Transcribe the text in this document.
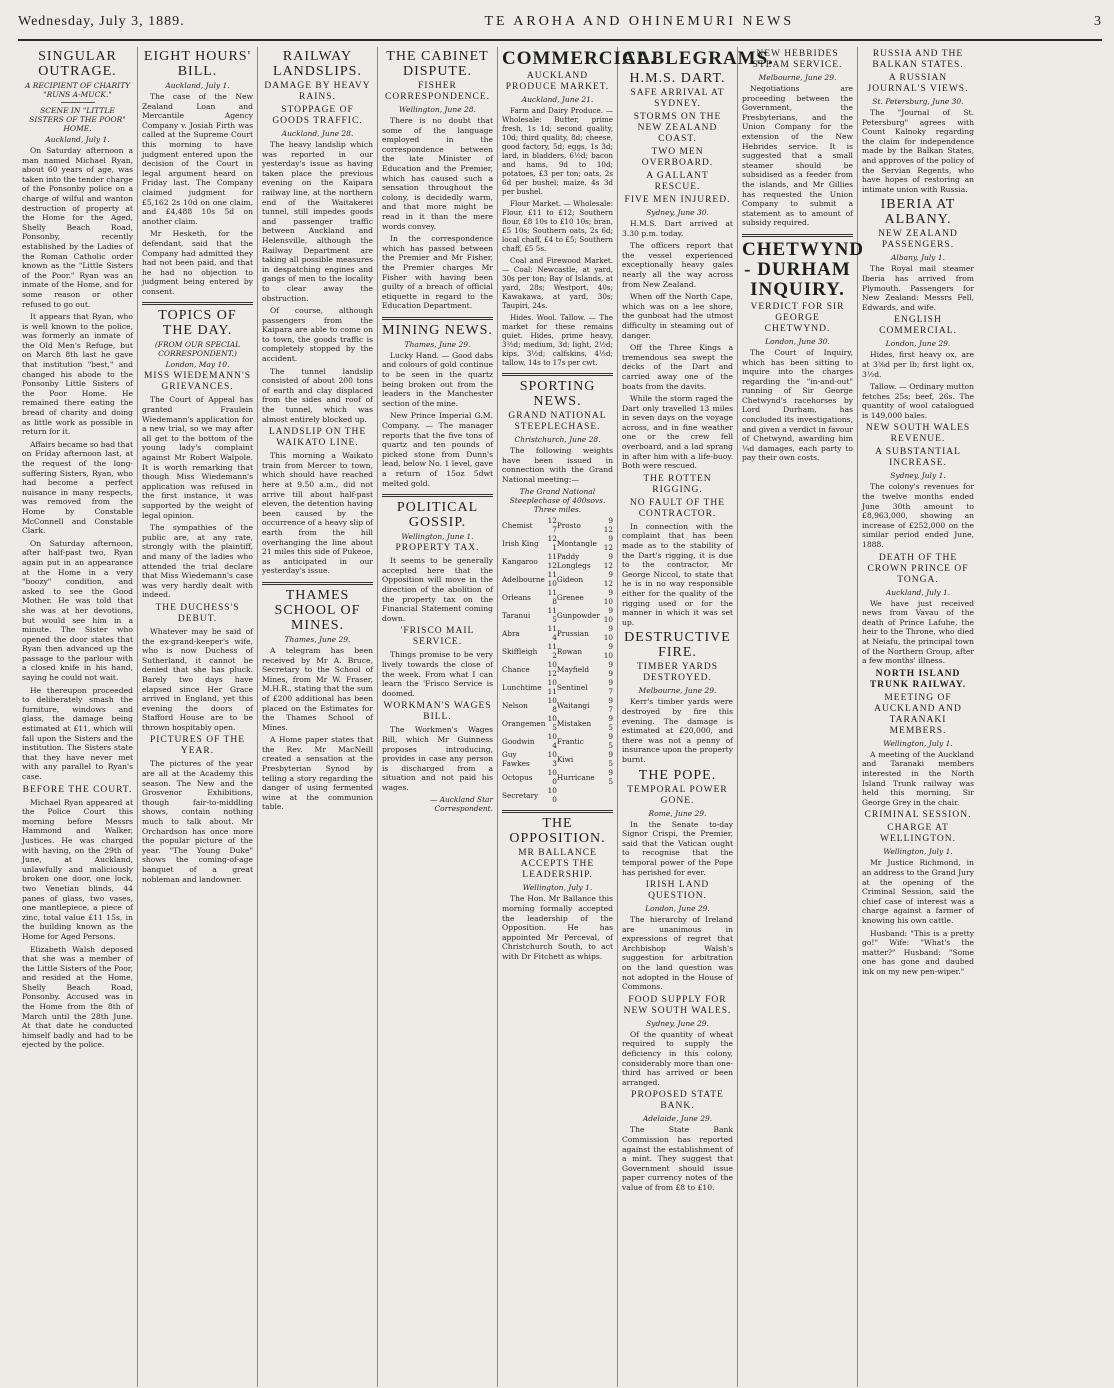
Wednesday, July 3, 1889.	TE AROHA AND OHINEMURI NEWS	3
SINGULAR OUTRAGE.
A RECIPIENT OF CHARITY "RUNS A-MUCK."
SCENE IN "LITTLE SISTERS OF THE POOR" HOME.
Auckland, July 1.

On Saturday afternoon a man named Michael Ryan, about 60 years of age, was taken into the tender charge of the Ponsonby police on a charge of wilful and wanton destruction of property at the Home for the Aged, Shelly Beach Road, Ponsonby, recently established by the Ladies of the Roman Catholic order known as the "Little Sisters of the Poor." Ryan was an inmate of the Home, and for some reason or other refused to go out.

It appears that Ryan, who is well known to the police, was formerly an inmate of the Old Men's Refuge, but on March 8th last he gave that institution "best," and changed his abode to the Ponsonby Little Sisters of the Poor Home. He remained there eating the bread of charity and doing as little work as possible in return for it.

Affairs became so bad that on Friday afternoon last, at the request of the long-suffering Sisters, Ryan, who had become a perfect nuisance in many respects, was removed from the Home by Constable McConnell and Constable Clark.

On Saturday afternoon, after half-past two, Ryan again put in an appearance at the Home in a very "boozy" condition, and asked to see the Good Mother. He was told that she was at her devotions, but would see him in a minute. The Sister who opened the door states that Ryan then advanced up the passage to the parlour with a closed knife in his hand, saying he could not wait.

He thereupon proceeded to deliberately smash the furniture, windows and glass, the damage being estimated at £11, which will fall upon the Sisters and the institution. The Sisters state that they have never met with any parallel to Ryan's case.

BEFORE THE COURT.

Michael Ryan appeared at the Police Court this morning before Messrs Hammond and Walker, Justices. He was charged with having, on the 29th of June, at Auckland, unlawfully and maliciously broken one door, one lock, two Venetian blinds, 44 panes of glass, two vases, one mantlepiece, a piece of zinc, total value £11 15s, in the building known as the Home for Aged Persons.

Elizabeth Walsh deposed that she was a member of the Little Sisters of the Poor, and resided at the Home, Shelly Beach Road, Ponsonby. Accused was in the Home from the 8th of March until the 28th June. At that date he conducted himself badly and had to be ejected by the police.

EIGHT HOURS' BILL.
Auckland, July 1.

The case of the New Zealand Loan and Mercantile Agency Company v. Josiah Firth was called at the Supreme Court this morning to have judgment entered upon the decision of the Court in legal argument heard on Friday last. The Company claimed judgment for £5,162 2s 10d on one claim, and £4,488 10s 5d on another claim.

Mr Hesketh, for the defendant, said that the Company had admitted they had not been paid, and that he had no objection to judgment being entered by consent.

TOPICS OF THE DAY.
(FROM OUR SPECIAL CORRESPONDENT.)
London, May 10.
MISS WIEDEMANN'S GRIEVANCES.

The Court of Appeal has granted Fraulein Wiedemann's application for a new trial, so we may after all get to the bottom of the young lady's complaint against Mr Robert Walpole. It is worth remarking that though Miss Wiedemann's application was refused in the first instance, it was supported by the weight of legal opinion.

The sympathies of the public are, at any rate, strongly with the plaintiff, and many of the ladies who attended the trial declare that Miss Wiedemann's case was very hardly dealt with indeed.

THE DUCHESS'S DEBUT.

Whatever may be said of the ex-grand-keeper's wife, who is now Duchess of Sutherland, it cannot be denied that she has pluck. Barely two days have elapsed since Her Grace arrived in England, yet this evening the doors of Stafford House are to be thrown hospitably open.

PICTURES OF THE YEAR.

The pictures of the year are all at the Academy this season. The New and the Grosvenor Exhibitions, though fair-to-middling shows, contain nothing much to talk about. Mr Orchardson has once more the popular picture of the year. "The Young Duke" shows the coming-of-age banquet of a great nobleman and landowner.

RAILWAY LANDSLIPS.
DAMAGE BY HEAVY RAINS.
STOPPAGE OF GOODS TRAFFIC.
Auckland, June 28.

The heavy landslip which was reported in our yesterday's issue as having taken place the previous evening on the Kaipara railway line, at the northern end of the Waitakerei tunnel, still impedes goods and passenger traffic between Auckland and Helensville, although the Railway Department are taking all possible measures in despatching engines and gangs of men to the locality to clear away the obstruction.

Of course, although passengers from the Kaipara are able to come on to town, the goods traffic is completely stopped by the accident.

The tunnel landslip consisted of about 200 tons of earth and clay displaced from the sides and roof of the tunnel, which was almost entirely blocked up.

LANDSLIP ON THE WAIKATO LINE.

This morning a Waikato train from Mercer to town, which should have reached here at 9.50 a.m., did not arrive till about half-past eleven, the detention having been caused by the occurrence of a heavy slip of earth from the hill overhanging the line about 21 miles this side of Pukeoe, as anticipated in our yesterday's issue.

THAMES SCHOOL OF MINES.
Thames, June 29.

A telegram has been received by Mr A. Bruce, Secretary to the School of Mines, from Mr W. Fraser, M.H.R., stating that the sum of £200 additional has been placed on the Estimates for the Thames School of Mines.

A Home paper states that the Rev. Mr MacNeill created a sensation at the Presbyterian Synod by telling a story regarding the danger of using fermented wine at the communion table.

THE CABINET DISPUTE.
FISHER CORRESPONDENCE.
Wellington, June 28.

There is no doubt that some of the language employed in the correspondence between the late Minister of Education and the Premier, which has caused such a sensation throughout the colony, is decidedly warm, and that more might be read in it than the mere words convey.

In the correspondence which has passed between the Premier and Mr Fisher, the Premier charges Mr Fisher with having been guilty of a breach of official etiquette in regard to the Education Department.

MINING NEWS.
Thames, June 29.

Lucky Hand. — Good dabs and colours of gold continue to be seen in the quartz being broken out from the leaders in the Manchester section of the mine.

New Prince Imperial G.M. Company. — The manager reports that the five tons of quartz and ten pounds of picked stone from Dunn's lead, below No. 1 level, gave a return of 15oz 5dwt melted gold.

POLITICAL GOSSIP.
Wellington, June 1.
PROPERTY TAX.

It seems to be generally accepted here that the Opposition will move in the direction of the abolition of the property tax on the Financial Statement coming down.

'FRISCO MAIL SERVICE.

Things promise to be very lively towards the close of the week. From what I can learn the 'Frisco Service is doomed.

WORKMAN'S WAGES BILL.

The Workmen's Wages Bill, which Mr Guinness proposes introducing, provides in case any person is discharged from a situation and not paid his wages.

— Auckland Star Correspondent.
COMMERCIAL.
AUCKLAND PRODUCE MARKET.
Auckland, June 21.

Farm and Dairy Produce. — Wholesale: Butter, prime fresh, 1s 1d; second quality, 10d; third quality, 8d; cheese, good factory, 5d; eggs, 1s 3d; lard, in bladders, 6½d; bacon and hams, 9d to 10d; potatoes, £3 per ton; oats, 2s 6d per bushel; maize, 4s 3d per bushel.

Flour Market. — Wholesale: Flour, £11 to £12; Southern flour, £8 10s to £10 10s; bran, £5 10s; Southern oats, 2s 6d; local chaff, £4 to £5; Southern chaff, £5 5s.

Coal and Firewood Market. — Coal: Newcastle, at yard, 30s per ton; Bay of Islands, at yard, 28s; Westport, 40s; Kawakawa, at yard, 30s; Taupiri, 24s.

Hides. Wool. Tallow. — The market for these remains quiet. Hides, prime heavy, 3½d; medium, 3d; light, 2½d; kips, 3½d; calfskins, 4½d; tallow, 14s to 17s per cwt.

SPORTING NEWS.
GRAND NATIONAL STEEPLECHASE.
Christchurch, June 28.

The following weights have been issued in connection with the Grand National meeting:—

The Grand National Steeplechase of 400sovs. Three miles.
Chemist	12 7	Prosto	9 12
Irish King	12 1	Montangle	9 12
Kangaroo	11 12	Paddy Longlegs	9 12
Adelbourne	11 10	Gideon	9 12
Orleans	11 8	Grenee	9 10
Taranui	11 5	Gunpowder	9 10
Abra	11 4	Prussian	9 10
Skiffleigh	11 2	Rowan	9 10
Chance	10 12	Mayfield	9 9
Lunchtime	10 11	Sentinel	9 7
Nelson	10 8	Waitangi	9 7
Orangemen	10 5	Mistaken	9 5
Goodwin	10 4	Frantic	9 5
Guy Fawkes	10 3	Kiwi	9 5
Octopus	10 0	Hurricane	9 5
Secretary	10 0		
THE OPPOSITION.
MR BALLANCE ACCEPTS THE LEADERSHIP.
Wellington, July 1.

The Hon. Mr Ballance this morning formally accepted the leadership of the Opposition. He has appointed Mr Perceval, of Christchurch South, to act with Dr Fitchett as whips.

CABLEGRAMS.
H.M.S. DART.
SAFE ARRIVAL AT SYDNEY.
STORMS ON THE NEW ZEALAND COAST.
TWO MEN OVERBOARD.
A GALLANT RESCUE.
FIVE MEN INJURED.
Sydney, June 30.

H.M.S. Dart arrived at 3.30 p.m. today.

The officers report that the vessel experienced exceptionally heavy gales nearly all the way across from New Zealand.

When off the North Cape, which was on a lee shore, the gunboat had the utmost difficulty in steaming out of danger.

Off the Three Kings a tremendous sea swept the decks of the Dart and carried away one of the boats from the davits.

While the storm raged the Dart only travelled 13 miles in seven days on the voyage across, and in fine weather one or the crew fell overboard, and a lad sprang in after him with a life-buoy. Both were rescued.

THE ROTTEN RIGGING.
NO FAULT OF THE CONTRACTOR.

In connection with the complaint that has been made as to the stability of the Dart's rigging, it is due to the contractor, Mr George Niccol, to state that he is in no way responsible either for the quality of the rigging used or for the manner in which it was set up.

DESTRUCTIVE FIRE.
TIMBER YARDS DESTROYED.
Melbourne, June 29.

Kerr's timber yards were destroyed by fire this evening. The damage is estimated at £20,000, and there was not a penny of insurance upon the property burnt.

THE POPE.
TEMPORAL POWER GONE.
Rome, June 29.

In the Senate to-day Signor Crispi, the Premier, said that the Vatican ought to recognise that the temporal power of the Pope has perished for ever.

IRISH LAND QUESTION.
London, June 29.

The hierarchy of Ireland are unanimous in expressions of regret that Archbishop Walsh's suggestion for arbitration on the land question was not adopted in the House of Commons.

FOOD SUPPLY FOR NEW SOUTH WALES.
Sydney, June 29.

Of the quantity of wheat required to supply the deficiency in this colony, considerably more than one-third has arrived or been arranged.

PROPOSED STATE BANK.
Adelaide, June 29.

The State Bank Commission has reported against the establishment of a mint. They suggest that Government should issue paper currency notes of the value of from £8 to £10.

NEW HEBRIDES STEAM SERVICE.
Melbourne, June 29.

Negotiations are proceeding between the Government, the Presbyterians, and the Union Company for the extension of the New Hebrides service. It is suggested that a small steamer should be subsidised as a feeder from the islands, and Mr Gillies has requested the Union Company to submit a statement as to amount of subsidy required.

CHETWYND - DURHAM INQUIRY.
VERDICT FOR SIR GEORGE CHETWYND.
London, June 30.

The Court of Inquiry, which has been sitting to inquire into the charges regarding the "in-and-out" running of Sir George Chetwynd's racehorses by Lord Durham, has concluded its investigations, and given a verdict in favour of Chetwynd, awarding him ¼d damages, each party to pay their own costs.

RUSSIA AND THE BALKAN STATES.
A RUSSIAN JOURNAL'S VIEWS.
St. Petersburg, June 30.

The "Journal of St. Petersburg" agrees with Count Kalnoky regarding the claim for independence made by the Balkan States, and approves of the policy of the Servian Regents, who have hopes of restoring an intimate union with Russia.

IBERIA AT ALBANY.
NEW ZEALAND PASSENGERS.
Albany, July 1.

The Royal mail steamer Iberia has arrived from Plymouth. Passengers for New Zealand: Messrs Fell, Edwards, and wife.

ENGLISH COMMERCIAL.
London, June 29.

Hides, first heavy ox, are at 3⅜d per lb; first light ox, 3½d.

Tallow. — Ordinary mutton fetches 25s; beef, 26s. The quantity of wool catalogued is 149,000 bales.

NEW SOUTH WALES REVENUE.
A SUBSTANTIAL INCREASE.
Sydney, July 1.

The colony's revenues for the twelve months ended June 30th amount to £8,963,000, showing an increase of £252,000 on the similar period ended June, 1888.

DEATH OF THE CROWN PRINCE OF TONGA.
Auckland, July 1.

We have just received news from Vavau of the death of Prince Lafuhe, the heir to the Throne, who died at Neiafu, the principal town of the Northern Group, after a few months' illness.

NORTH ISLAND TRUNK RAILWAY.
MEETING OF AUCKLAND AND TARANAKI MEMBERS.
Wellington, July 1.

A meeting of the Auckland and Taranaki members interested in the North Island Trunk railway was held this morning, Sir George Grey in the chair.

CRIMINAL SESSION.
CHARGE AT WELLINGTON.
Wellington, July 1.

Mr Justice Richmond, in an address to the Grand Jury at the opening of the Criminal Session, said the chief case of interest was a charge against a farmer of knowing his own cattle.

Husband: "This is a pretty go!" Wife: "What's the matter?" Husband: "Some one has gone and daubed ink on my new pen-wiper."
